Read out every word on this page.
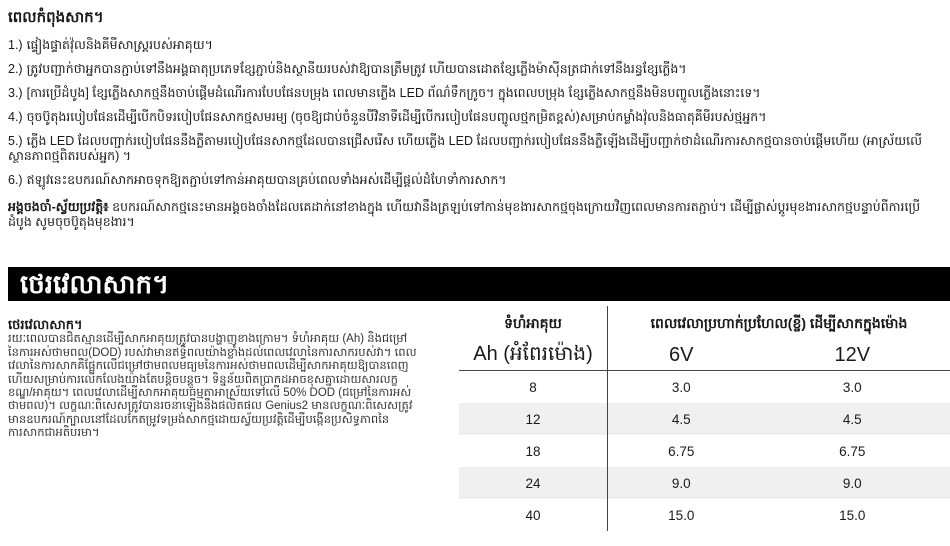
ពេលកំពុងសាក។
1.) ផ្ទៀងផ្ទាត់វ៉ុលនិងគីមីសាស្ត្ររបស់អាគុយ។
2.) ត្រូវបញ្ជាក់ថាអ្នកបានភ្ជាប់ទៅនឹងអង្គធាតុប្រភេទខ្សែភ្ជាប់និងស្ថានីយរបស់វាឱ្យបានត្រឹមត្រូវ ហើយបានដោតខ្សែភ្លើងម៉ាស៊ីនត្រជាក់ទៅនឹងរន្ធខ្សែភ្លើង។
3.) [ការប្រើដំបូង] ខ្សែភ្លើងសាកថ្មនឹងចាប់ផ្តើមដំណើរការបែបផែនបម្រុង ពេលមានភ្លើង LED ព័ណ៌ទឹកក្រូច។ ក្នុងពេលបម្រុង ខ្សែភ្លើងសាកថ្មនឹងមិនបញ្ចូលភ្លើងនោះទេ។
4.) ចុចប៊ូតុងរបៀបផែនដើម្បីបើកបិទរបៀបផែនសាកថ្មសមរម្យ (ចុចឱ្យជាប់ចំនួនបីវិនាទីដើម្បីបើករបៀបផែនបញ្ចូលថ្មកម្រិតខ្ពស់)សម្រាប់កម្លាំងវ៉ុលនិងធាតុគីមីរបស់ថ្មអ្នក។
5.) ភ្លើង LED ដែលបញ្ជាក់របៀបផែននឹងភ្លឺតាមរបៀបផែនសាកថ្មដែលបានជ្រើសរើស ហើយភ្លើង LED ដែលបញ្ជាក់របៀបផែននឹងភ្លឺឡើងដើម្បីបញ្ជាក់ថាដំណើរការសាកថ្មបានចាប់ផ្តើមហើយ (អាស្រ័យលើស្ថានភាពថ្មពិតរបស់អ្នក) ។
6.) ឥឡូវនេះឧបករណ៍សាកអាចទុកឱ្យតភ្ជាប់ទៅកាន់អាគុយបានគ្រប់ពេលទាំងអស់ដើម្បីផ្តល់ដំហែទាំការសាក។
អង្គចងចាំ-ស្វ័យប្រវត្តិ៖ ឧបករណ៍សាកថ្មនេះមានអង្គចងចាំងដែលគេដាក់នៅខាងក្នុង ហើយវានឹងត្រឡប់ទៅកាន់មុខងារសាកថ្មចុងក្រោយវិញពេលមានការតភ្ជាប់។ ដើម្បីផ្លាស់ប្តូរមុខងារសាកថ្មបន្ទាប់ពីការប្រើដំបូង សូមចុចប៊ូតុងមុខងារ។
ថេរវេលាសាក។
ថេរវេលាសាក។
រយៈពេលបានជិតស្មានដើម្បីសាកអាគុយត្រូវបានបង្ហាញខាងក្រោម។ ទំហំអាគុយ (Ah) និងជម្រៅនៃការអស់ថាមពល(DOD) របស់វាមានឥទ្ធិពលយ៉ាងខ្លាំងដល់ពេលវេលានៃការសាករបស់វា។ ពេលវេលានៃការសាកគឺផ្អែកលើជម្រៅថាមពលមធ្យមនៃការអស់ថាមពលដើម្បីសាកអាគុយឱ្យបានពេញហើយសម្រាប់ការលើកលែងយ៉ាងតែបន្តិចបន្តួច។ ទិន្នន័យពិតប្រាកដអាចខុសគ្នាដោយសារលក្ខខណ្ឌ/អាគុយ។ ពេលវេលាដើម្បីសាកអាគុយធម្មតាអាស្រ័យទៅលើ 50% DOD (ជម្រៅនៃការអស់ថាមពល)។ លក្ខណៈពិសេសត្រូវបានរចនាឡើងនឹងផលិតផល Genius2 មានលក្ខណៈពិសេសត្រូវមានឧបករណ៍ក្បាលនៅដែលកែតម្រូវទម្រង់សាកថ្មដោយស្វ័យប្រវត្តិដើម្បីបង្កើនប្រសិទ្ធភាពនៃការសាកជាអតិបរមា។
ទំហំអាគុយ	ពេលវេលាប្រហាក់ប្រហែល(ខ្ចី) ដើម្បីសាកក្នុងម៉ោង	
Ah (អំពែរម៉ោង)	6V	12V
8	3.0	3.0
12	4.5	4.5
18	6.75	6.75
24	9.0	9.0
40	15.0	15.0
